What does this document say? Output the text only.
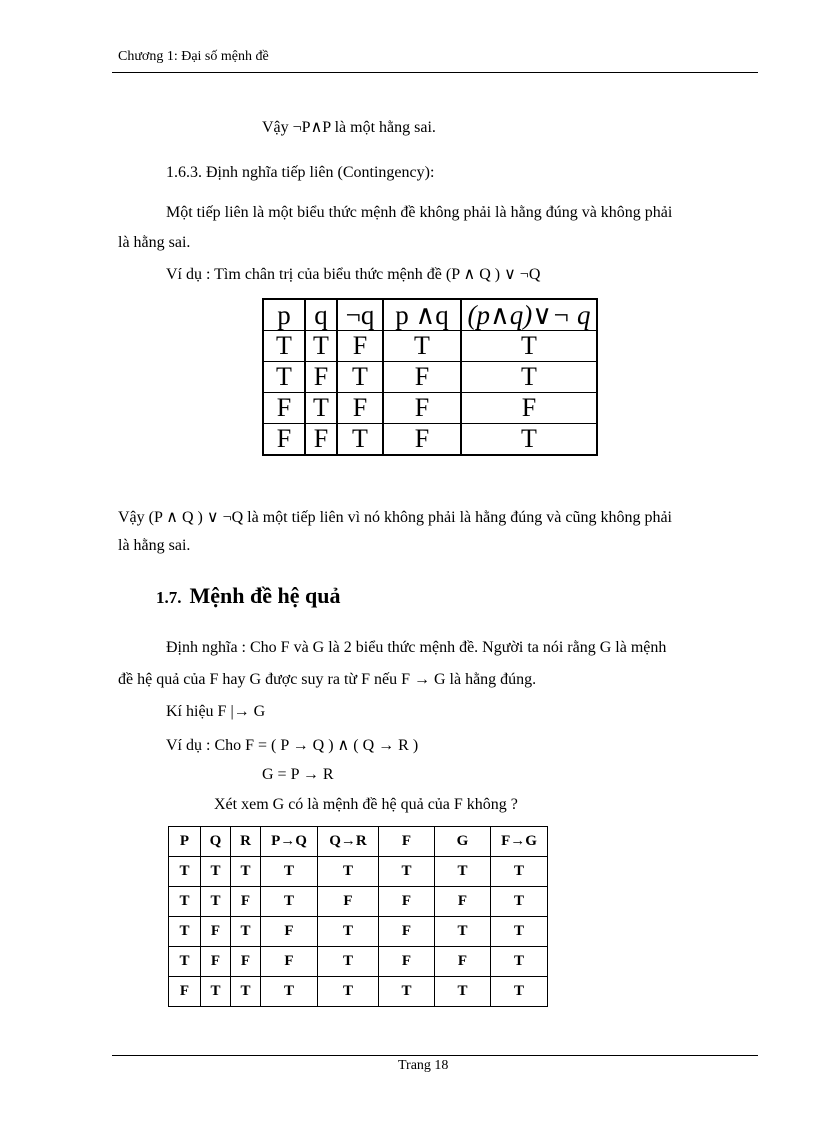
Chương 1: Đại số mệnh đề
Vậy ¬P∧P là một hằng sai.
1.6.3. Định nghĩa tiếp liên (Contingency):
Một tiếp liên là một biểu thức mệnh đề không phải là hằng đúng và không phải
là hằng sai.
Ví dụ : Tìm chân trị của biểu thức mệnh đề (P ∧ Q ) ∨ ¬Q
p	q	¬q	p ∧q	(p∧q)∨¬ q
T	T	F	T	T
T	F	T	F	T
F	T	F	F	F
F	F	T	F	T
Vậy (P ∧ Q ) ∨ ¬Q là một tiếp liên vì nó không phải là hằng đúng và cũng không phải
là hằng sai.
1.7. Mệnh đề hệ quả
Định nghĩa : Cho F và G là 2 biểu thức mệnh đề. Người ta nói rằng G là mệnh
đề hệ quả của F hay G được suy ra từ F nếu F → G là hằng đúng.
Kí hiệu F |→ G
Ví dụ : Cho F = ( P → Q ) ∧ ( Q → R )
G = P → R
Xét xem G có là mệnh đề hệ quả của F không ?
P	Q	R	P→Q	Q→R	F	G	F→G
T	T	T	T	T	T	T	T
T	T	F	T	F	F	F	T
T	F	T	F	T	F	T	T
T	F	F	F	T	F	F	T
F	T	T	T	T	T	T	T
Trang 18
